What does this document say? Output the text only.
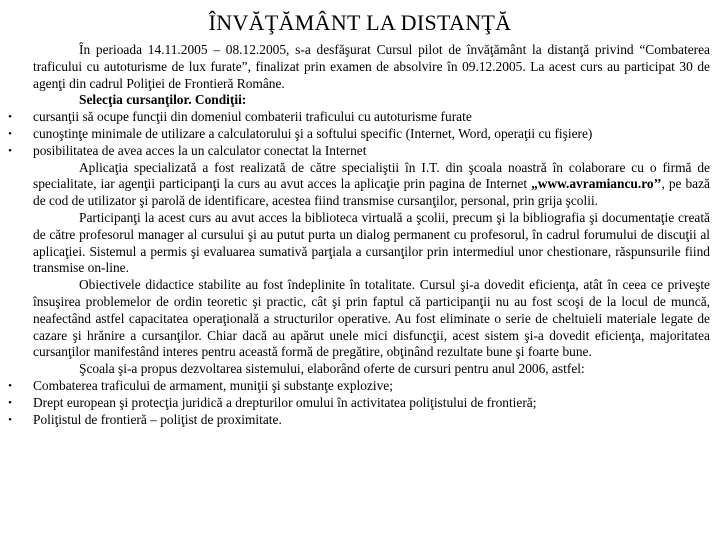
ÎNVĂŢĂMÂNT LA DISTANŢĂ

În perioada 14.11.2005 – 08.12.2005, s-a desfăşurat Cursul pilot de învăţământ la distanţă privind “Combaterea traficului cu autoturisme de lux furate”, finalizat prin examen de absolvire în 09.12.2005. La acest curs au participat 30 de agenţi din cadrul Poliţiei de Frontieră Române.

Selecţia cursanţilor. Condiţii:

• cursanţii să ocupe funcţii din domeniul combaterii traficului cu autoturisme furate
• cunoştinţe minimale de utilizare a calculatorului şi a softului specific (Internet, Word, operaţii cu fişiere)
• posibilitatea de avea acces la un calculator conectat la Internet

Aplicaţia specializată a fost realizată de către specialiştii în I.T. din şcoala noastră în colaborare cu o firmă de specialitate, iar agenţii participanţi la curs au avut acces la aplicaţie prin pagina de Internet „www.avramiancu.ro’’, pe bază de cod de utilizator şi parolă de identificare, acestea fiind transmise cursanţilor, personal, prin grija şcolii.

Participanţi la acest curs au avut acces la biblioteca virtuală a şcolii, precum şi la bibliografia şi documentaţie creată de către profesorul manager al cursului şi au putut purta un dialog permanent cu profesorul, în cadrul forumului de discuţii al aplicaţiei. Sistemul a permis şi evaluarea sumativă parţiala a cursanţilor prin intermediul unor chestionare, răspunsurile fiind transmise on-line.

Obiectivele didactice stabilite au fost îndeplinite în totalitate. Cursul şi-a dovedit eficienţa, atât în ceea ce priveşte însuşirea problemelor de ordin teoretic şi practic, cât şi prin faptul că participanţii nu au fost scoşi de la locul de muncă, neafectând astfel capacitatea operaţională a structurilor operative. Au fost eliminate o serie de cheltuieli materiale legate de cazare şi hrănire a cursanţilor. Chiar dacă au apărut unele mici disfuncţii, acest sistem şi-a dovedit eficienţa, majoritatea cursanţilor manifestând interes pentru această formă de pregătire, obţinând rezultate bune şi foarte bune.

Şcoala şi-a propus dezvoltarea sistemului, elaborând oferte de cursuri pentru anul 2006, astfel:

• Combaterea traficului de armament, muniţii şi substanţe explozive;
• Drept european şi protecţia juridică a drepturilor omului în activitatea poliţistului de frontieră;
• Poliţistul de frontieră – poliţist de proximitate.
